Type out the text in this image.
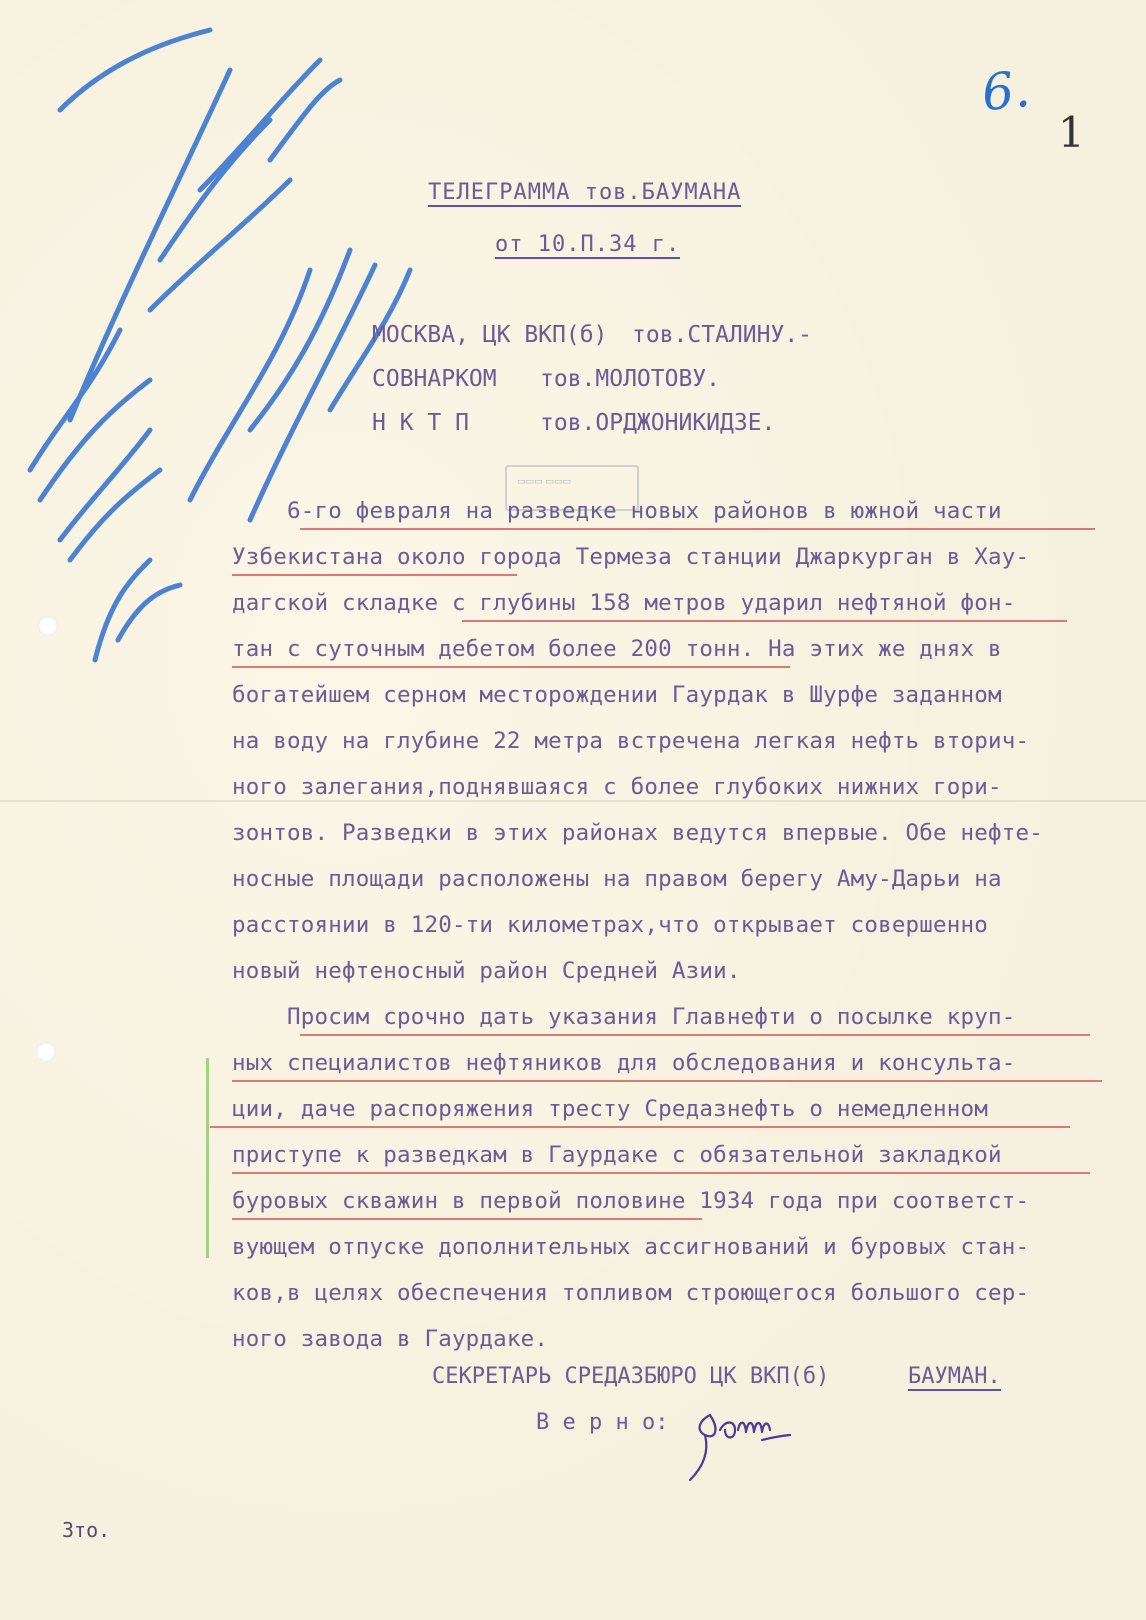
6.
1
▭▭▭ ▭▭▭
ТЕЛЕГРАММА тов.БАУМАНА
от 10.П.34 г.
МОСКВА, ЦК ВКП(б) тов.СТАЛИНУ.-
СОВНАРКОМ тов.МОЛОТОВУ.
Н К Т П	тов.ОРДЖОНИКИДЗЕ.
6-го февраля на разведке новых районов в южной части
Узбекистана около города Термеза станции Джаркурган в Хау-
дагской складке с глубины 158 метров ударил нефтяной фон-
тан с суточным дебетом более 200 тонн. На этих же днях в
богатейшем серном месторождении Гаурдак в Шурфе заданном
на воду на глубине 22 метра встречена легкая нефть вторич-
ного залегания,поднявшаяся с более глубоких нижних гори-
зонтов. Разведки в этих районах ведутся впервые. Обе нефте-
носные площади расположены на правом берегу Аму-Дарьи на
расстоянии в 120-ти километрах,что открывает совершенно
новый нефтеносный район Средней Азии.
Просим срочно дать указания Главнефти о посылке круп-
ных специалистов нефтяников для обследования и консульта-
ции, даче распоряжения тресту Средазнефть о немедленном
приступе к разведкам в Гаурдаке с обязательной закладкой
буровых скважин в первой половине 1934 года при соответст-
вующем отпуске дополнительных ассигнований и буровых стан-
ков,в целях обеспечения топливом строющегося большого сер-
ного завода в Гаурдаке.
СЕКРЕТАРЬ СРЕДАЗБЮРО ЦК ВКП(б)	БАУМАН.
В е р н о:
Зто.
